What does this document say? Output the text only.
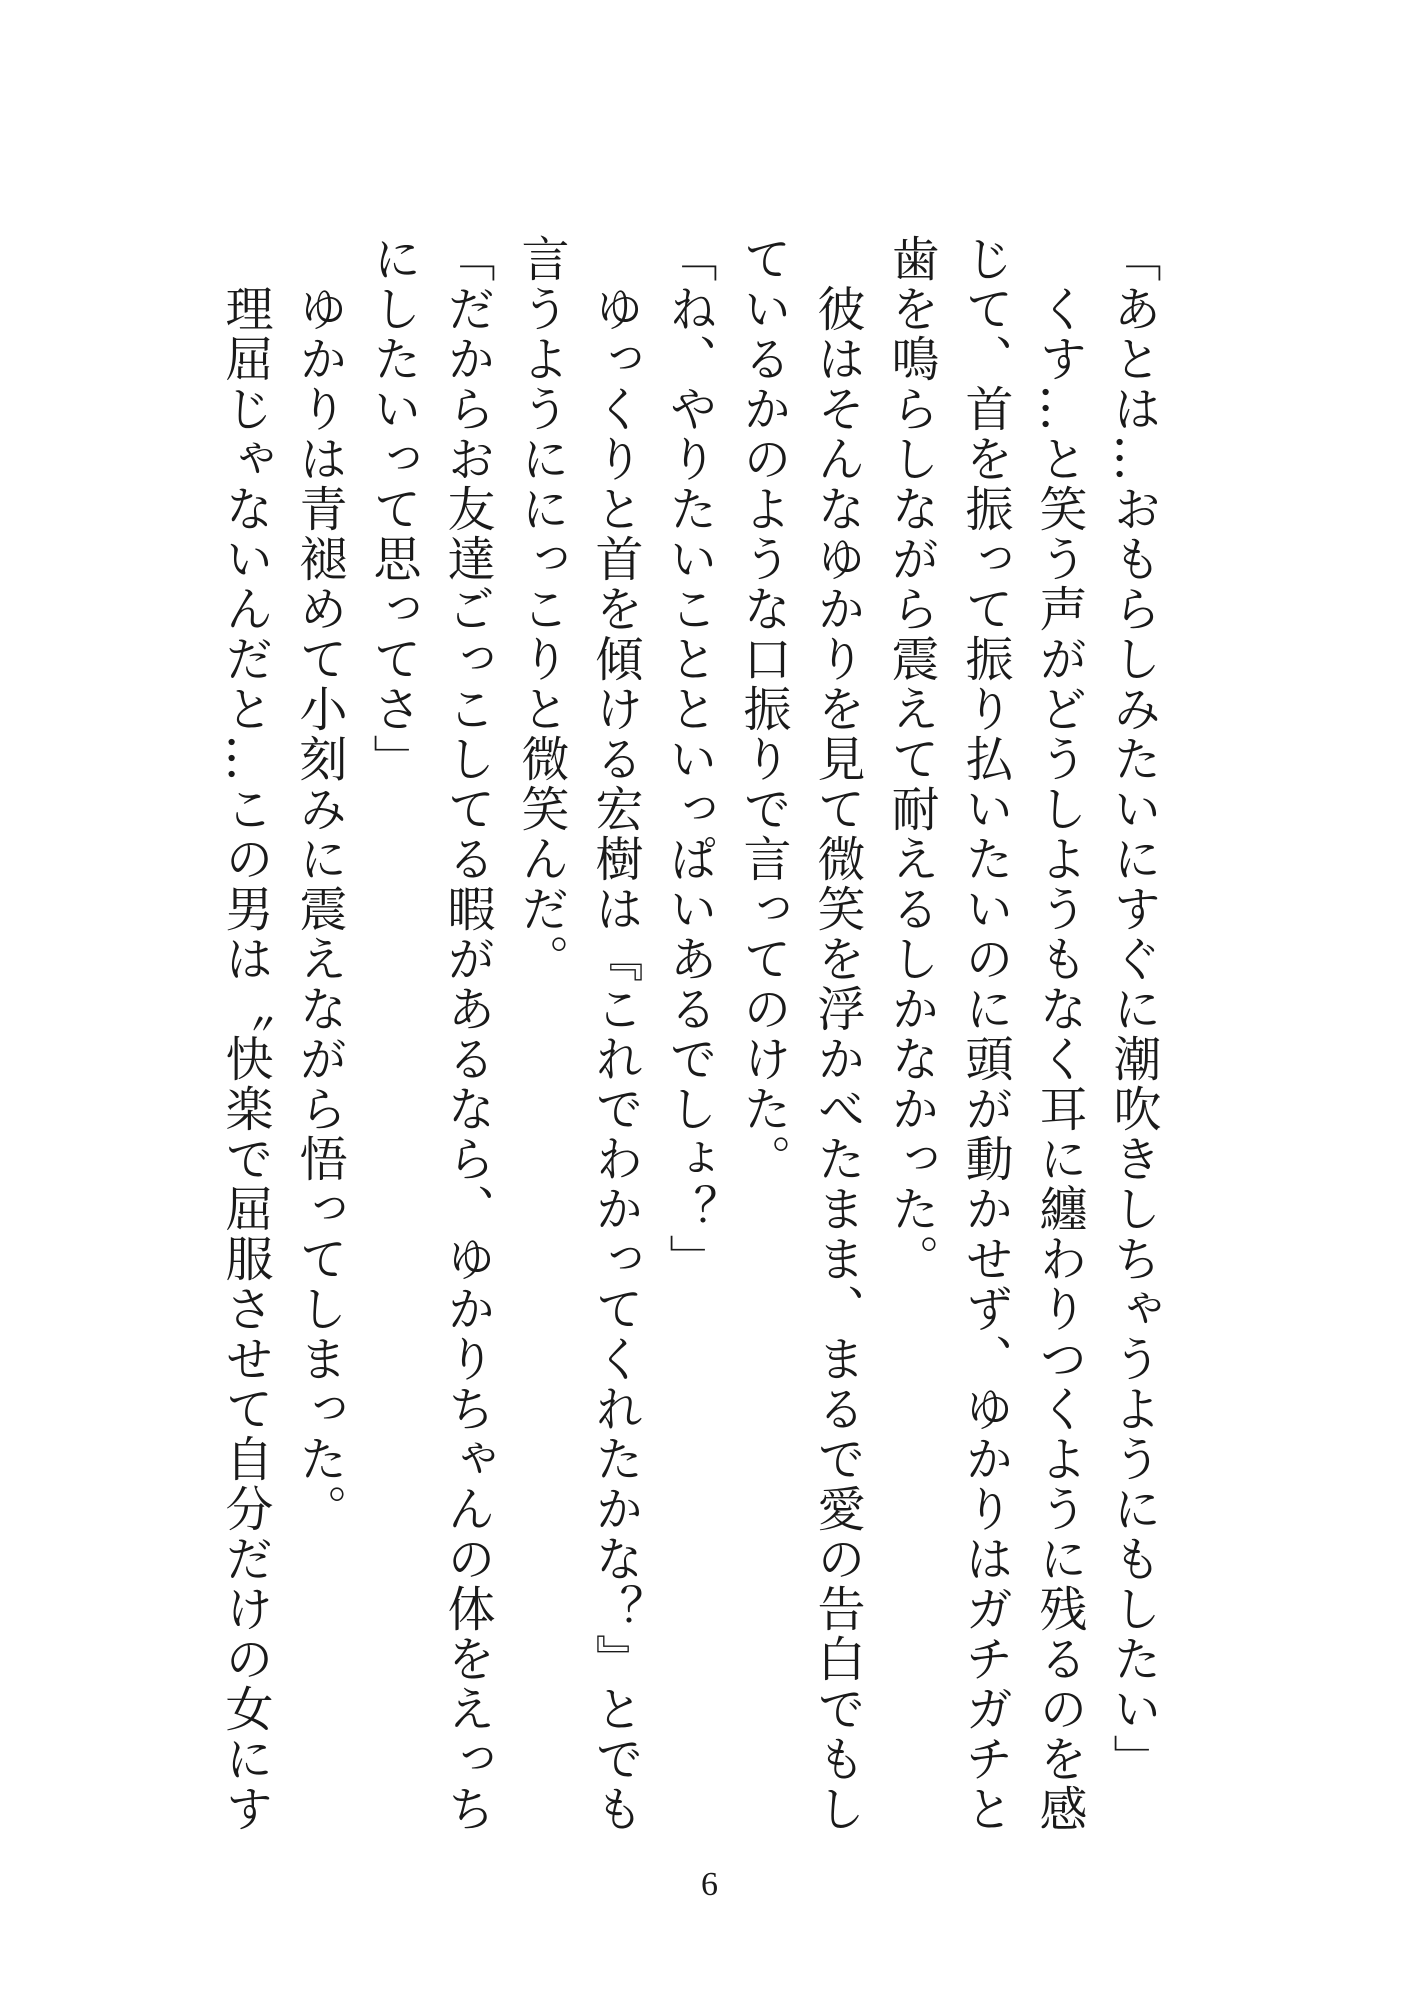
「あとは…おもらしみたいにすぐに潮吹きしちゃうようにもしたい」
　くす…と笑う声がどうしようもなく耳に纏わりつくように残るのを感
じて、首を振って振り払いたいのに頭が動かせず、ゆかりはガチガチと
歯を鳴らしながら震えて耐えるしかなかった。
　彼はそんなゆかりを見て微笑を浮かべたまま、まるで愛の告白でもし
ているかのような口振りで言ってのけた。
「ね、やりたいことといっぱいあるでしょ？」
　ゆっくりと首を傾ける宏樹は『これでわかってくれたかな？』とでも
言うようににっこりと微笑んだ。
「だからお友達ごっこしてる暇があるなら、ゆかりちゃんの体をえっち
にしたいって思ってさ」
　ゆかりは青褪めて小刻みに震えながら悟ってしまった。
　理屈じゃないんだと…この男は〝快楽で屈服させて自分だけの女にす
6
